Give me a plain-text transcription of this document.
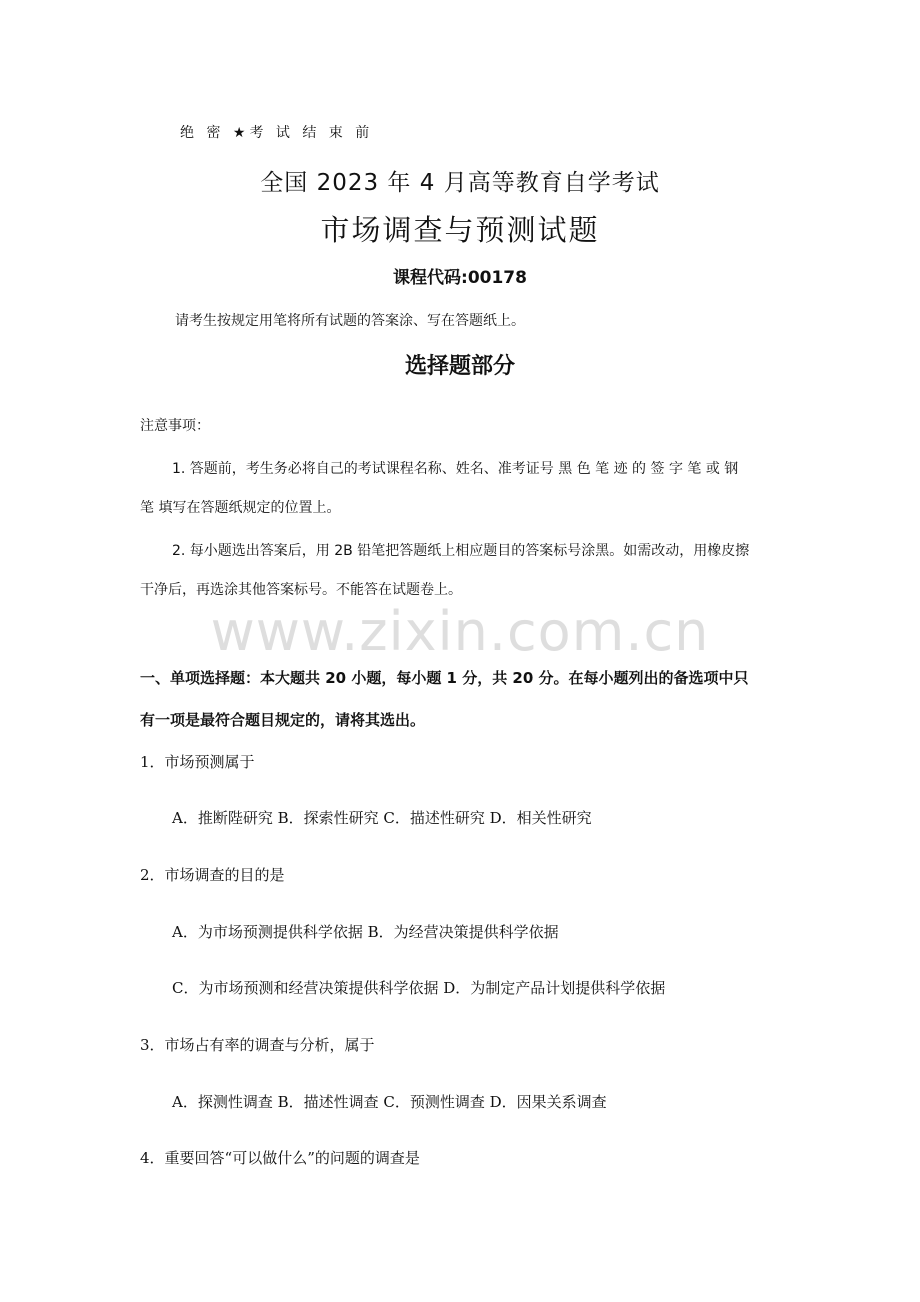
绝 密 ★考 试 结 束 前
全国 2023 年 4 月高等教育自学考试
市场调查与预测试题
课程代码:00178
请考生按规定用笔将所有试题的答案涂、写在答题纸上。
选择题部分
注意事项：
1. 答题前，考生务必将自己的考试课程名称、姓名、准考证号 黑 色 笔 迹 的 签 字 笔 或 钢
笔 填写在答题纸规定的位置上。
2. 每小题选出答案后，用 2B 铅笔把答题纸上相应题目的答案标号涂黑。如需改动，用橡皮擦
干净后，再选涂其他答案标号。不能答在试题卷上。
www.zixin.com.cn
一、单项选择题：本大题共 20 小题，每小题 1 分，共 20 分。在每小题列出的备选项中只
有一项是最符合题目规定的，请将其选出。
1．市场预测属于
A．推断陛研究 B．探索性研究 C．描述性研究 D．相关性研究
2．市场调查的目的是
A．为市场预测提供科学依据 B．为经营决策提供科学依据
C．为市场预测和经营决策提供科学依据 D．为制定产品计划提供科学依据
3．市场占有率的调查与分析，属于
A．探测性调查 B．描述性调查 C．预测性调查 D．因果关系调查
4．重要回答“可以做什么”的问题的调查是
